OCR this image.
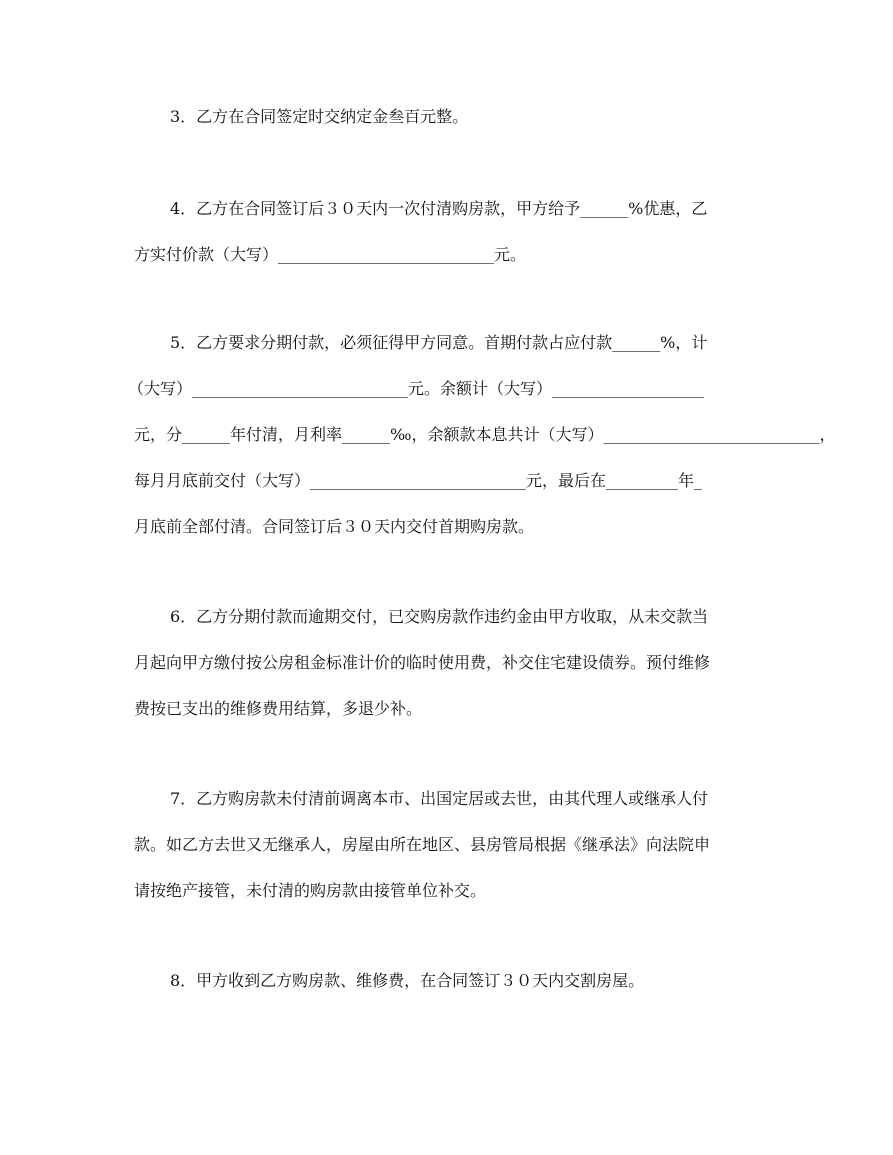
3．乙方在合同签定时交纳定金叁百元整。
4．乙方在合同签订后３０天内一次付清购房款，甲方给予______%优惠，乙
方实付价款（大写）___________________________元。
5．乙方要求分期付款，必须征得甲方同意。首期付款占应付款______%，计
（大写）___________________________元。余额计（大写）___________________
元，分______年付清，月利率______‰，余额款本息共计（大写）___________________________，
每月月底前交付（大写）___________________________元，最后在_________年_
月底前全部付清。合同签订后３０天内交付首期购房款。
6．乙方分期付款而逾期交付，已交购房款作违约金由甲方收取，从未交款当
月起向甲方缴付按公房租金标准计价的临时使用费，补交住宅建设债券。预付维修
费按已支出的维修费用结算，多退少补。
7．乙方购房款未付清前调离本市、出国定居或去世，由其代理人或继承人付
款。如乙方去世又无继承人，房屋由所在地区、县房管局根据《继承法》向法院申
请按绝产接管，未付清的购房款由接管单位补交。
8．甲方收到乙方购房款、维修费，在合同签订３０天内交割房屋。
